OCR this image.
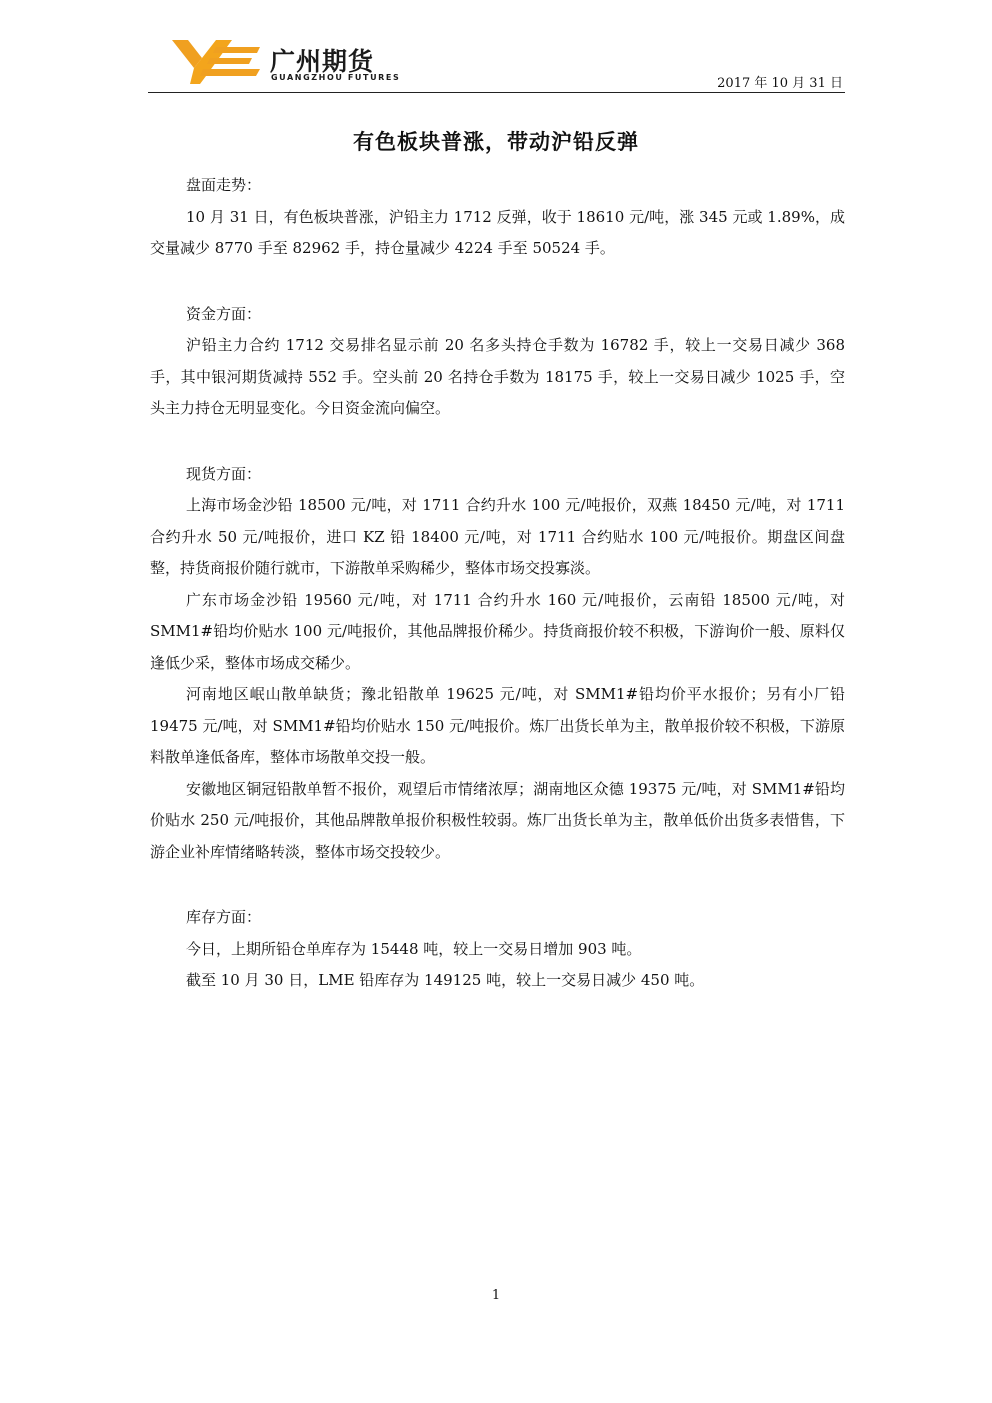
广州期货
GUANGZHOU FUTURES	2017 年 10 月 31 日
有色板块普涨，带动沪铅反弹

盘面走势：

10 月 31 日，有色板块普涨，沪铅主力 1712 反弹，收于 18610 元/吨，涨 345 元或 1.89%，成交量减少 8770 手至 82962 手，持仓量减少 4224 手至 50524 手。

资金方面：

沪铅主力合约 1712 交易排名显示前 20 名多头持仓手数为 16782 手，较上一交易日减少 368 手，其中银河期货减持 552 手。空头前 20 名持仓手数为 18175 手，较上一交易日减少 1025 手，空头主力持仓无明显变化。今日资金流向偏空。

现货方面：

上海市场金沙铅 18500 元/吨，对 1711 合约升水 100 元/吨报价，双燕 18450 元/吨，对 1711 合约升水 50 元/吨报价，进口 KZ 铅 18400 元/吨，对 1711 合约贴水 100 元/吨报价。期盘区间盘整，持货商报价随行就市，下游散单采购稀少，整体市场交投寡淡。

广东市场金沙铅 19560 元/吨，对 1711 合约升水 160 元/吨报价，云南铅 18500 元/吨，对 SMM1#铅均价贴水 100 元/吨报价，其他品牌报价稀少。持货商报价较不积极，下游询价一般、原料仅逢低少采，整体市场成交稀少。

河南地区岷山散单缺货；豫北铅散单 19625 元/吨，对 SMM1#铅均价平水报价；另有小厂铅 19475 元/吨，对 SMM1#铅均价贴水 150 元/吨报价。炼厂出货长单为主，散单报价较不积极，下游原料散单逢低备库，整体市场散单交投一般。

安徽地区铜冠铅散单暂不报价，观望后市情绪浓厚；湖南地区众德 19375 元/吨，对 SMM1#铅均价贴水 250 元/吨报价，其他品牌散单报价积极性较弱。炼厂出货长单为主，散单低价出货多表惜售，下游企业补库情绪略转淡，整体市场交投较少。

库存方面：

今日，上期所铅仓单库存为 15448 吨，较上一交易日增加 903 吨。

截至 10 月 30 日，LME 铅库存为 149125 吨，较上一交易日减少 450 吨。

1
